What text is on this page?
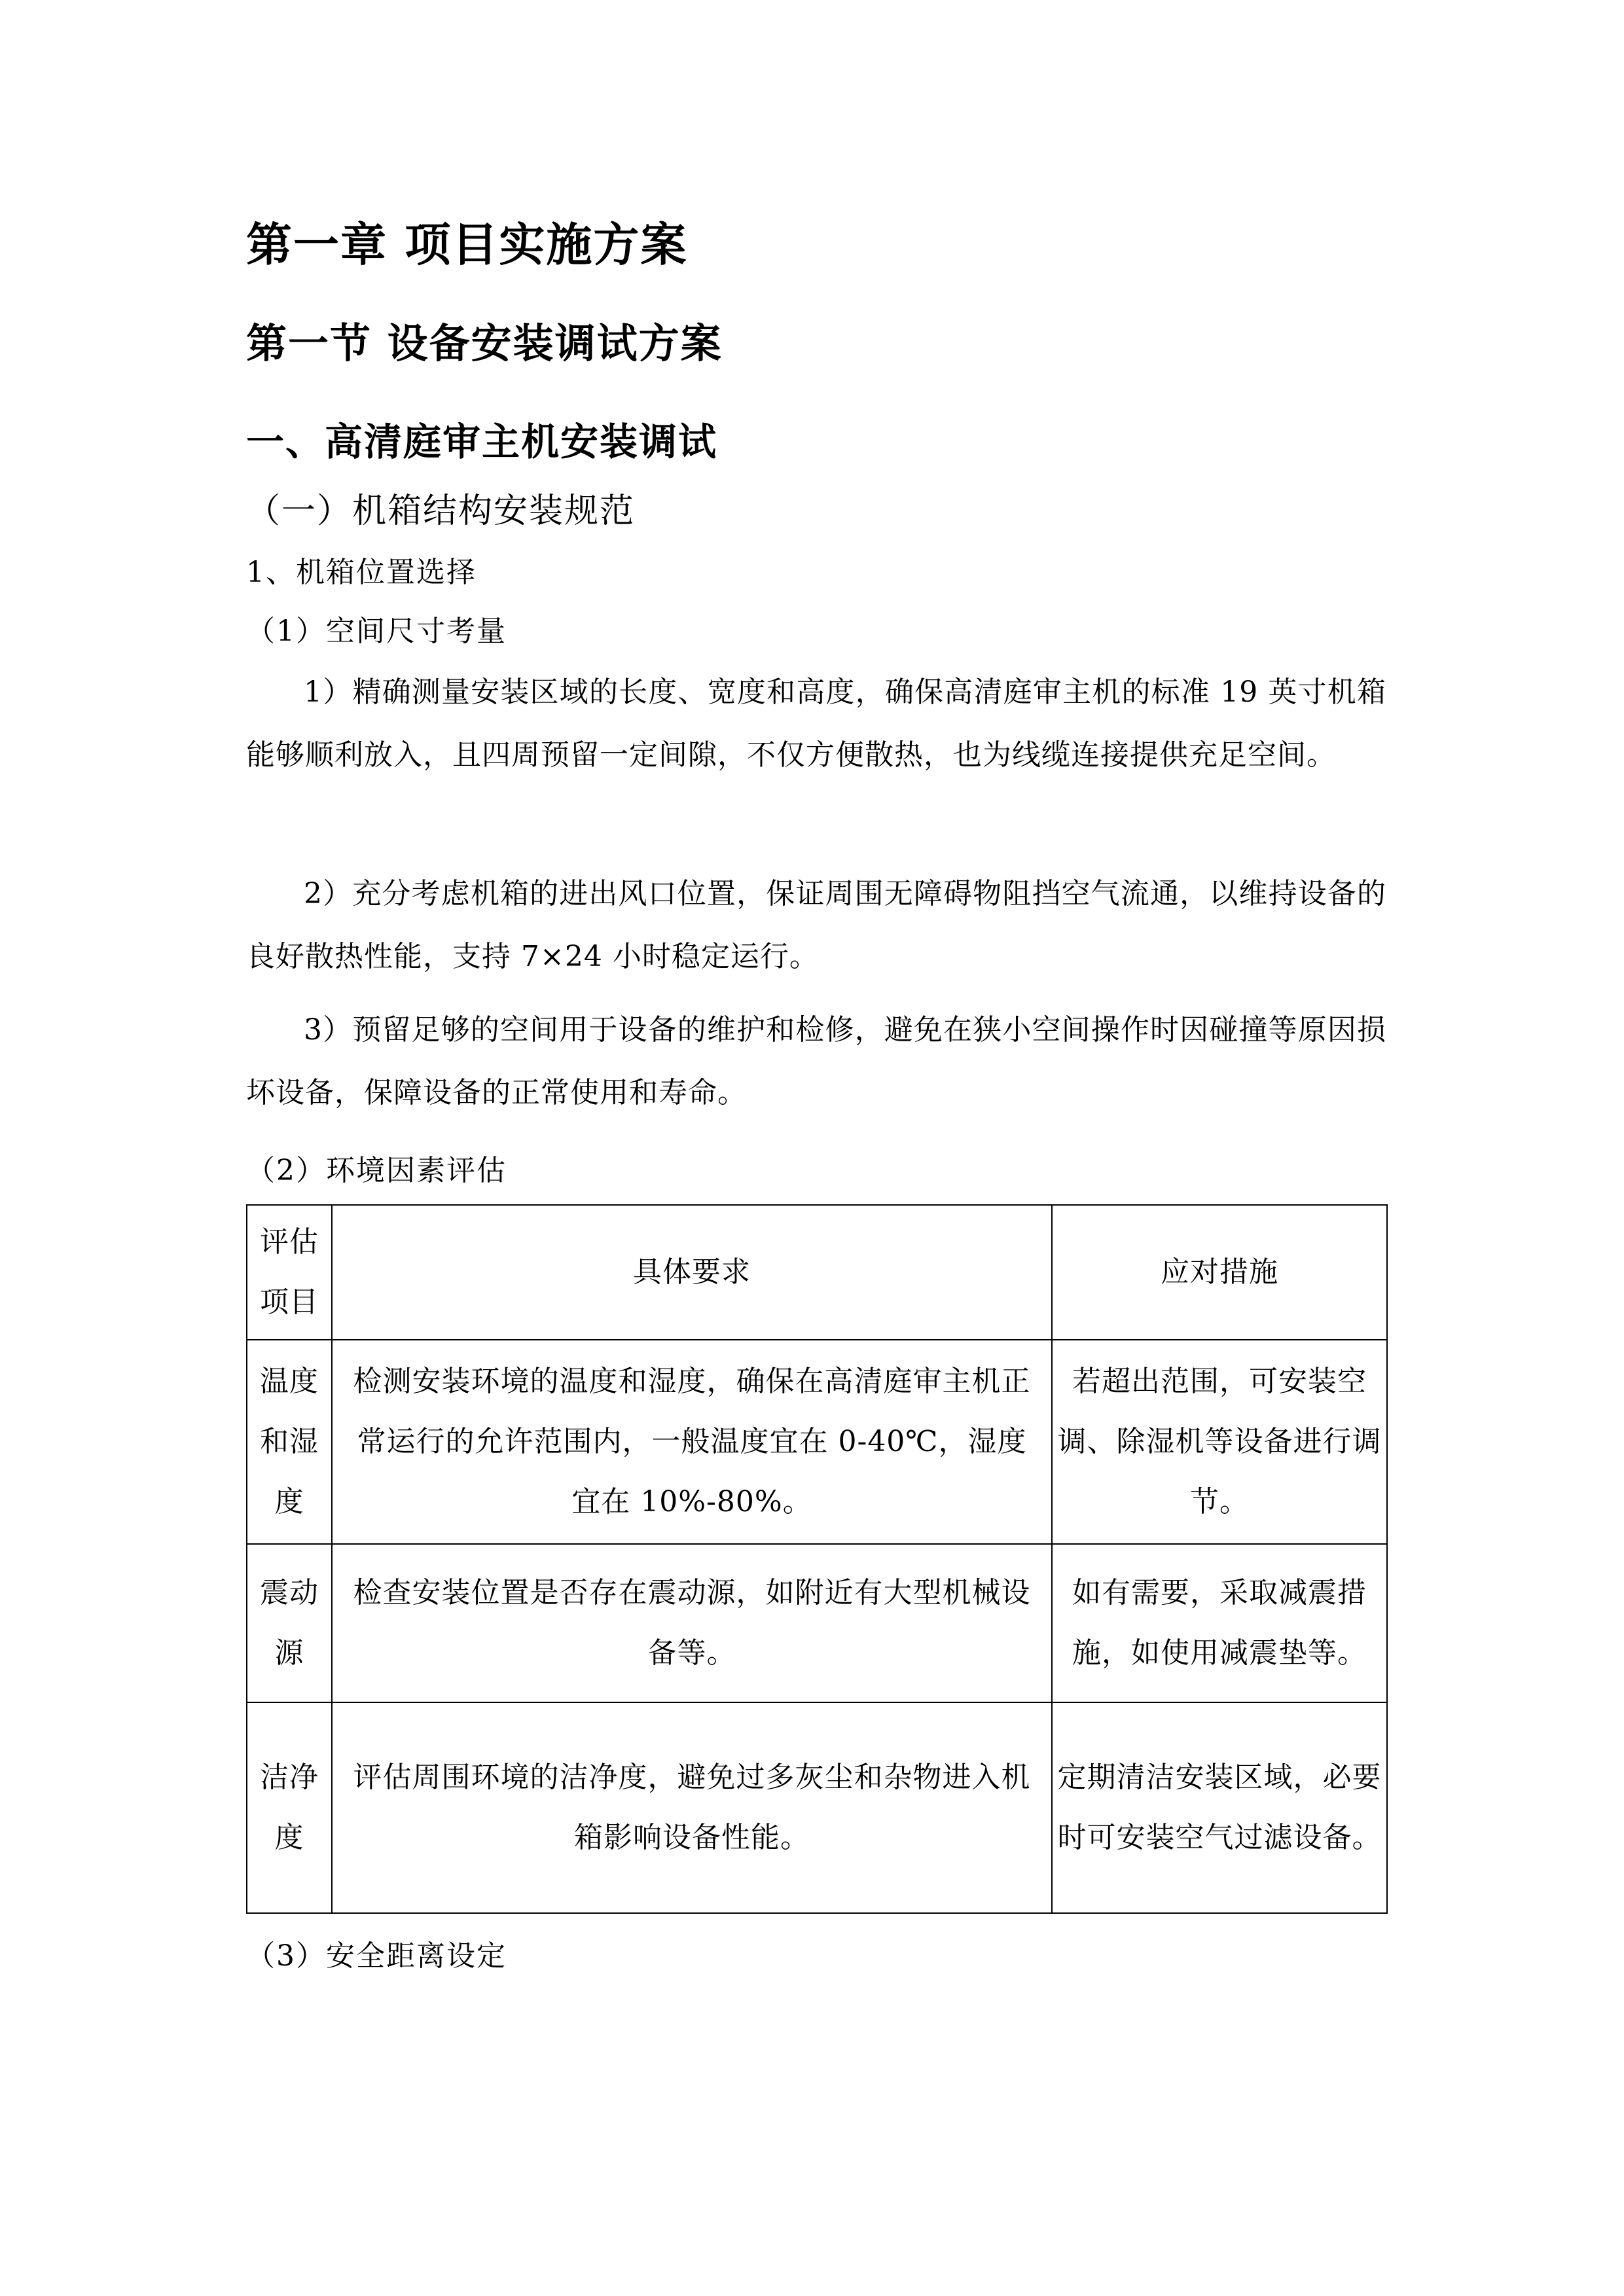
第一章 项目实施方案
第一节 设备安装调试方案
一、高清庭审主机安装调试
（一）机箱结构安装规范
1、机箱位置选择
（1）空间尺寸考量
1）精确测量安装区域的长度、宽度和高度，确保高清庭审主机的标准 19 英寸机箱能够顺利放入，且四周预留一定间隙，不仅方便散热，也为线缆连接提供充足空间。
2）充分考虑机箱的进出风口位置，保证周围无障碍物阻挡空气流通，以维持设备的良好散热性能，支持 7×24 小时稳定运行。
3）预留足够的空间用于设备的维护和检修，避免在狭小空间操作时因碰撞等原因损坏设备，保障设备的正常使用和寿命。
（2）环境因素评估
评估项目	具体要求	应对措施
温度和湿度	检测安装环境的温度和湿度，确保在高清庭审主机正常运行的允许范围内，一般温度宜在 0-40℃，湿度宜在 10%-80%。	若超出范围，可安装空调、除湿机等设备进行调节。
震动源	检查安装位置是否存在震动源，如附近有大型机械设备等。	如有需要，采取减震措施，如使用减震垫等。
洁净度	评估周围环境的洁净度，避免过多灰尘和杂物进入机箱影响设备性能。	定期清洁安装区域，必要时可安装空气过滤设备。
（3）安全距离设定
